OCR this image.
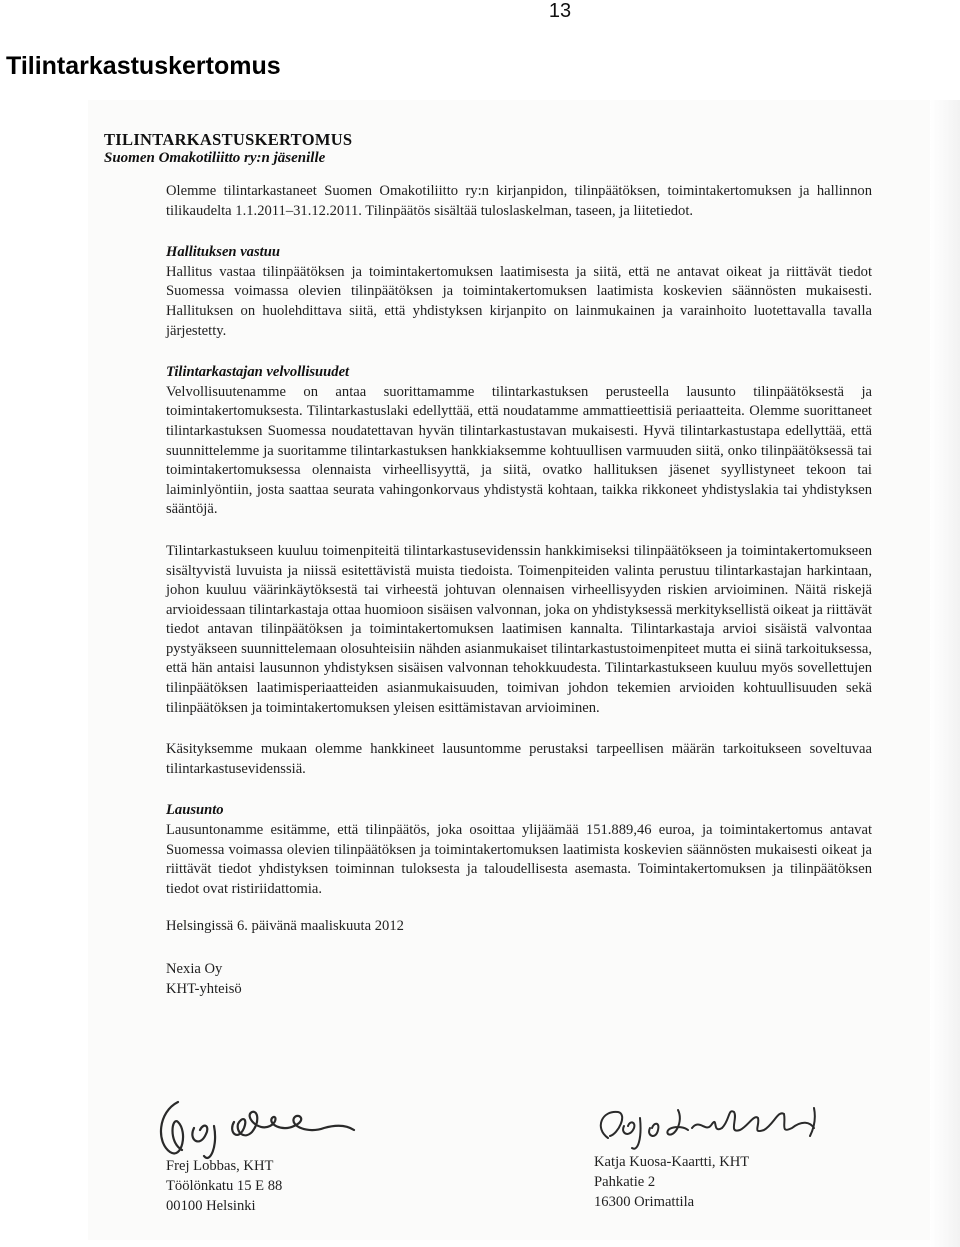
13
Tilintarkastuskertomus
TILINTARKASTUSKERTOMUS
Suomen Omakotiliitto ry:n jäsenille

Olemme tilintarkastaneet Suomen Omakotiliitto ry:n kirjanpidon, tilinpäätöksen, toimintakertomuksen ja hallinnon tilikaudelta 1.1.2011–31.12.2011. Tilinpäätös sisältää tuloslaskelman, taseen, ja liitetiedot.

Hallituksen vastuu

Hallitus vastaa tilinpäätöksen ja toimintakertomuksen laatimisesta ja siitä, että ne antavat oikeat ja riittävät tiedot Suomessa voimassa olevien tilinpäätöksen ja toimintakertomuksen laatimista koskevien säännösten mukaisesti. Hallituksen on huolehdittava siitä, että yhdistyksen kirjanpito on lainmukainen ja varainhoito luotettavalla tavalla järjestetty.

Tilintarkastajan velvollisuudet

Velvollisuutenamme on antaa suorittamamme tilintarkastuksen perusteella lausunto tilinpäätöksestä ja toimintakertomuksesta. Tilintarkastuslaki edellyttää, että noudatamme ammattieettisiä periaatteita. Olemme suorittaneet tilintarkastuksen Suomessa noudatettavan hyvän tilintarkastustavan mukaisesti. Hyvä tilintarkastustapa edellyttää, että suunnittelemme ja suoritamme tilintarkastuksen hankkiaksemme kohtuullisen varmuuden siitä, onko tilinpäätöksessä tai toimintakertomuksessa olennaista virheellisyyttä, ja siitä, ovatko hallituksen jäsenet syyllistyneet tekoon tai laiminlyöntiin, josta saattaa seurata vahingonkorvaus yhdistystä kohtaan, taikka rikkoneet yhdistyslakia tai yhdistyksen sääntöjä.

Tilintarkastukseen kuuluu toimenpiteitä tilintarkastusevidenssin hankkimiseksi tilinpäätökseen ja toimintakertomukseen sisältyvistä luvuista ja niissä esitettävistä muista tiedoista. Toimenpiteiden valinta perustuu tilintarkastajan harkintaan, johon kuuluu väärinkäytöksestä tai virheestä johtuvan olennaisen virheellisyyden riskien arvioiminen. Näitä riskejä arvioidessaan tilintarkastaja ottaa huomioon sisäisen valvonnan, joka on yhdistyksessä merkityksellistä oikeat ja riittävät tiedot antavan tilinpäätöksen ja toimintakertomuksen laatimisen kannalta. Tilintarkastaja arvioi sisäistä valvontaa pystyäkseen suunnittelemaan olosuhteisiin nähden asianmukaiset tilintarkastustoimenpiteet mutta ei siinä tarkoituksessa, että hän antaisi lausunnon yhdistyksen sisäisen valvonnan tehokkuudesta. Tilintarkastukseen kuuluu myös sovellettujen tilinpäätöksen laatimisperiaatteiden asianmukaisuuden, toimivan johdon tekemien arvioiden kohtuullisuuden sekä tilinpäätöksen ja toimintakertomuksen yleisen esittämistavan arvioiminen.

Käsityksemme mukaan olemme hankkineet lausuntomme perustaksi tarpeellisen määrän tarkoitukseen soveltuvaa tilintarkastusevidenssiä.

Lausunto

Lausuntonamme esitämme, että tilinpäätös, joka osoittaa ylijäämää 151.889,46 euroa, ja toimintakertomus antavat Suomessa voimassa olevien tilinpäätöksen ja toimintakertomuksen laatimista koskevien säännösten mukaisesti oikeat ja riittävät tiedot yhdistyksen toiminnan tuloksesta ja taloudellisesta asemasta. Toimintakertomuksen ja tilinpäätöksen tiedot ovat ristiriidattomia.

Helsingissä 6. päivänä maaliskuuta 2012
Nexia Oy
KHT-yhteisö
Frej Lobbas, KHT
Töölönkatu 15 E 88
00100 Helsinki
Katja Kuosa-Kaartti, KHT
Pahkatie 2
16300 Orimattila
